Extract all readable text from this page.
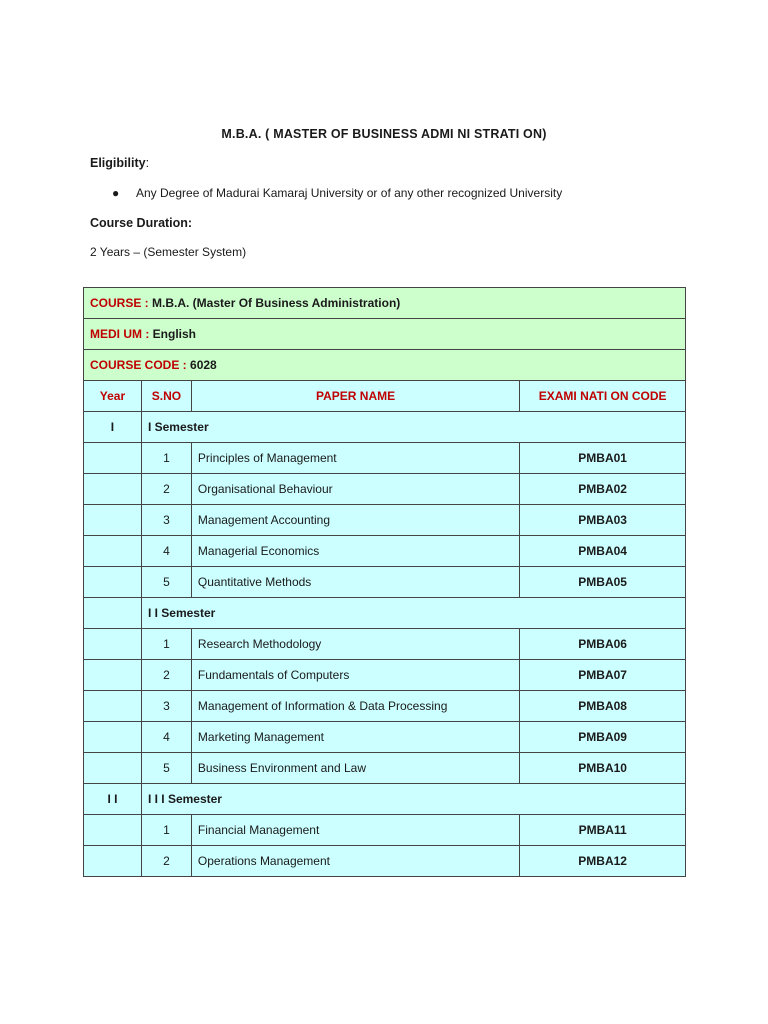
M.B.A. ( MASTER OF BUSINESS ADMI NI STRATI ON)
Eligibility:
● Any Degree of Madurai Kamaraj University or of any other recognized University
Course Duration:
2 Years – (Semester System)
COURSE : M.B.A. (Master Of Business Administration)			
MEDI UM : English			
COURSE CODE : 6028			
Year	S.NO	PAPER NAME	EXAMI NATI ON CODE
I	I Semester		
	1	Principles of Management	PMBA01
	2	Organisational Behaviour	PMBA02
	3	Management Accounting	PMBA03
	4	Managerial Economics	PMBA04
	5	Quantitative Methods	PMBA05
	I I Semester		
	1	Research Methodology	PMBA06
	2	Fundamentals of Computers	PMBA07
	3	Management of Information & Data Processing	PMBA08
	4	Marketing Management	PMBA09
	5	Business Environment and Law	PMBA10
I I	I I I Semester		
	1	Financial Management	PMBA11
	2	Operations Management	PMBA12
